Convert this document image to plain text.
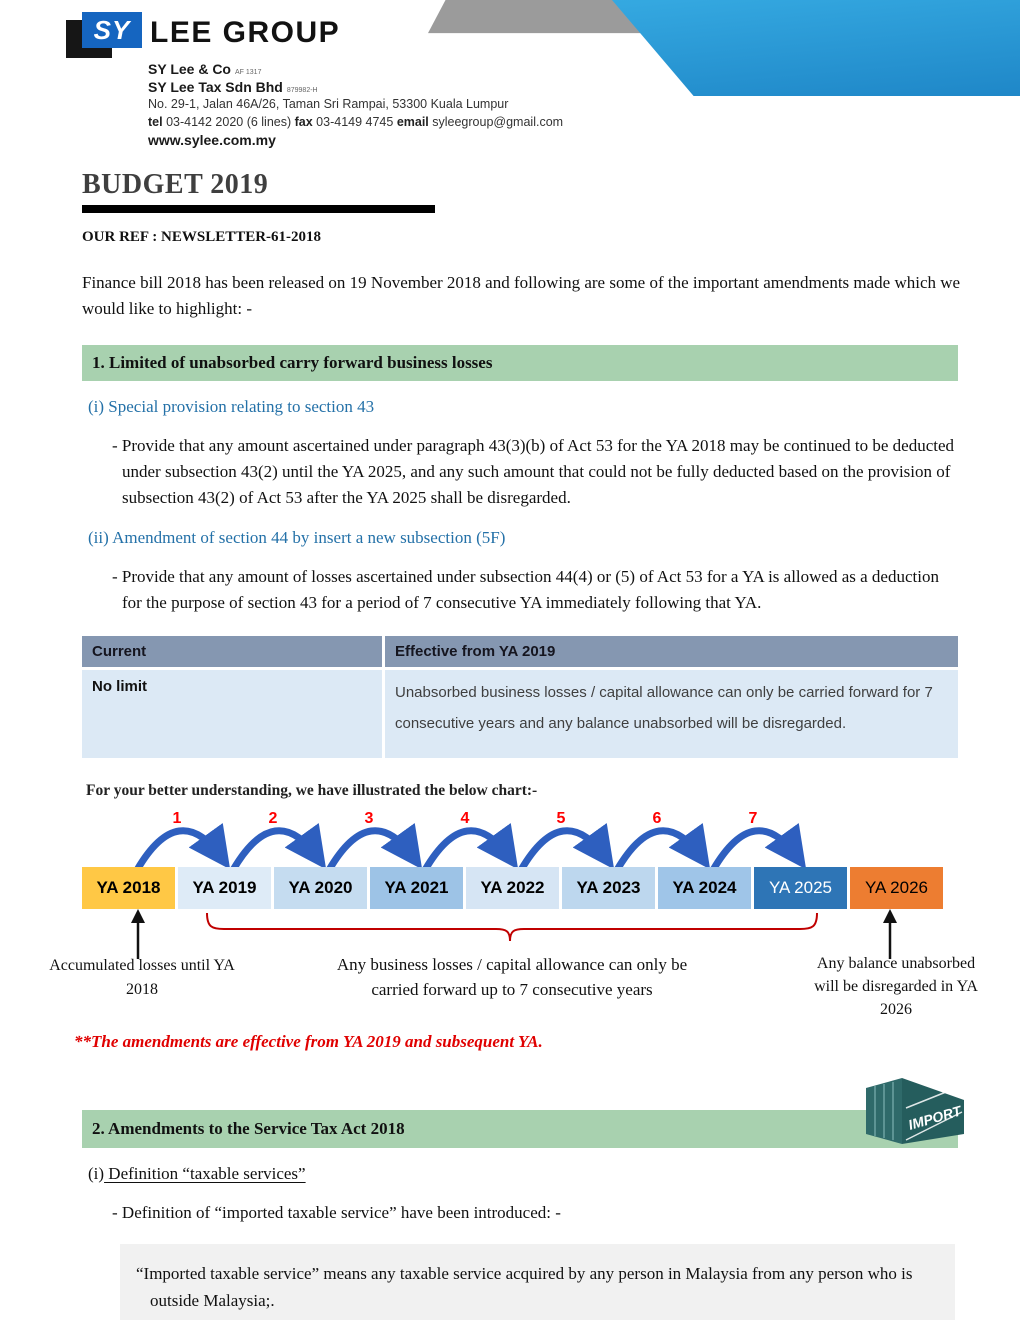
SY LEE GROUP
SY Lee & Co AF 1317
SY Lee Tax Sdn Bhd 879982-H
No. 29-1, Jalan 46A/26, Taman Sri Rampai, 53300 Kuala Lumpur
tel 03-4142 2020 (6 lines) fax 03-4149 4745 email syleegroup@gmail.com
www.sylee.com.my
BUDGET 2019
OUR REF : NEWSLETTER-61-2018
Finance bill 2018 has been released on 19 November 2018 and following are some of the important amendments made which we would like to highlight: -
1. Limited of unabsorbed carry forward business losses
(i) Special provision relating to section 43
- Provide that any amount ascertained under paragraph 43(3)(b) of Act 53 for the YA 2018 may be continued to be deducted under subsection 43(2) until the YA 2025, and any such amount that could not be fully deducted based on the provision of subsection 43(2) of Act 53 after the YA 2025 shall be disregarded.
(ii) Amendment of section 44 by insert a new subsection (5F)
- Provide that any amount of losses ascertained under subsection 44(4) or (5) of Act 53 for a YA is allowed as a deduction for the purpose of section 43 for a period of 7 consecutive YA immediately following that YA.
Current	Effective from YA 2019
No limit	Unabsorbed business losses / capital allowance can only be carried forward for 7 consecutive years and any balance unabsorbed will be disregarded.
For your better understanding, we have illustrated the below chart:-
1	2	3	4	5	6	7
YA 2018	YA 2019	YA 2020	YA 2021	YA 2022	YA 2023	YA 2024	YA 2025	YA 2026
Accumulated losses until YA 2018
Any business losses / capital allowance can only be carried forward up to 7 consecutive years
Any balance unabsorbed will be disregarded in YA 2026
**The amendments are effective from YA 2019 and subsequent YA.
2. Amendments to the Service Tax Act 2018	IMPORT
(i) Definition “taxable services”
- Definition of “imported taxable service” have been introduced: -
“Imported taxable service” means any taxable service acquired by any person in Malaysia from any person who is outside Malaysia;.
